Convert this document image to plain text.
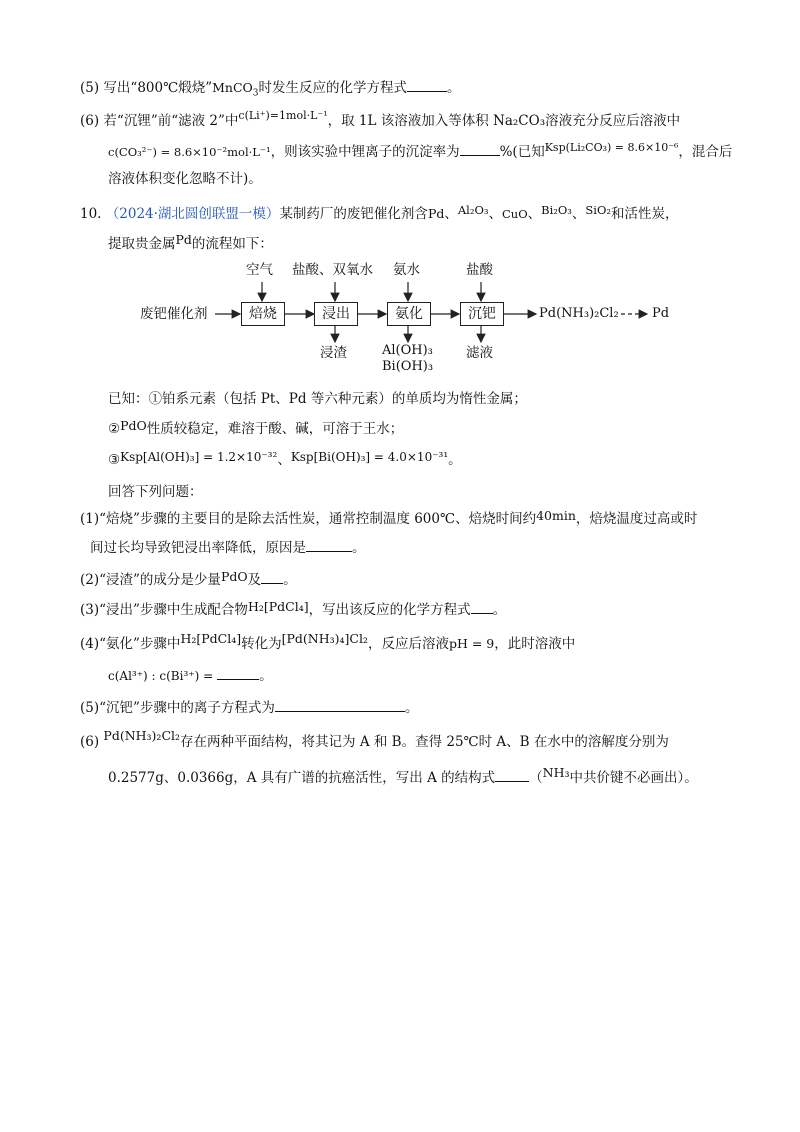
(5) 写出“800℃煅烧”MnCO$_3$时发生反应的化学方程式	。
(6) 若“沉锂”前“滤液 2”中$^{c(Li^+)=1mol\cdot L^{-1}}$，取 1L 该溶液加入等体积 Na₂CO₃溶液充分反应后溶液中
c(CO₃²⁻) = 8.6×10⁻²mol·L⁻¹，则该实验中锂离子的沉淀率为	%(已知$^{Ksp(Li_2CO_3) = 8.6\times 10^{-6}}$，混合后
溶液体积变化忽略不计)。
10. （2024·湖北圆创联盟一模）某制药厂的废钯催化剂含Pd、Al₂O₃、CuO、Bi₂O₃、SiO₂和活性炭，
提取贵金属Pd的流程如下：
废钯催化剂	焙烧	浸出	氨化	沉钯
空气 盐酸、双氧水 氨水	盐酸
浸渣	Al(OH)₃
Bi(OH)₃
滤液
Pd(NH₃)₂Cl₂	Pd
已知：①铂系元素（包括 Pt、Pd 等六种元素）的单质均为惰性金属；
②PdO性质较稳定，难溶于酸、碱，可溶于王水；
③Ksp[Al(OH)₃] = 1.2×10⁻³²、Ksp[Bi(OH)₃] = 4.0×10⁻³¹。
回答下列问题：
(1)“焙烧”步骤的主要目的是除去活性炭，通常控制温度 600℃、焙烧时间约40min，焙烧温度过高或时
间过长均导致钯浸出率降低，原因是	。
(2)“浸渣”的成分是少量PdO及 。
(3)“浸出”步骤中生成配合物H₂[PdCl₄]，写出该反应的化学方程式 。
(4)“氨化”步骤中H₂[PdCl₄]转化为[Pd(NH₃)₄]Cl₂，反应后溶液pH = 9，此时溶液中
c(Al³⁺) : c(Bi³⁺) =	。
(5)“沉钯”步骤中的离子方程式为	。
(6) Pd(NH₃)₂Cl₂存在两种平面结构，将其记为 A 和 B。查得 25℃时 A、B 在水中的溶解度分别为
0.2577g、0.0366g，A 具有广谱的抗癌活性，写出 A 的结构式	（NH₃中共价键不必画出）。
